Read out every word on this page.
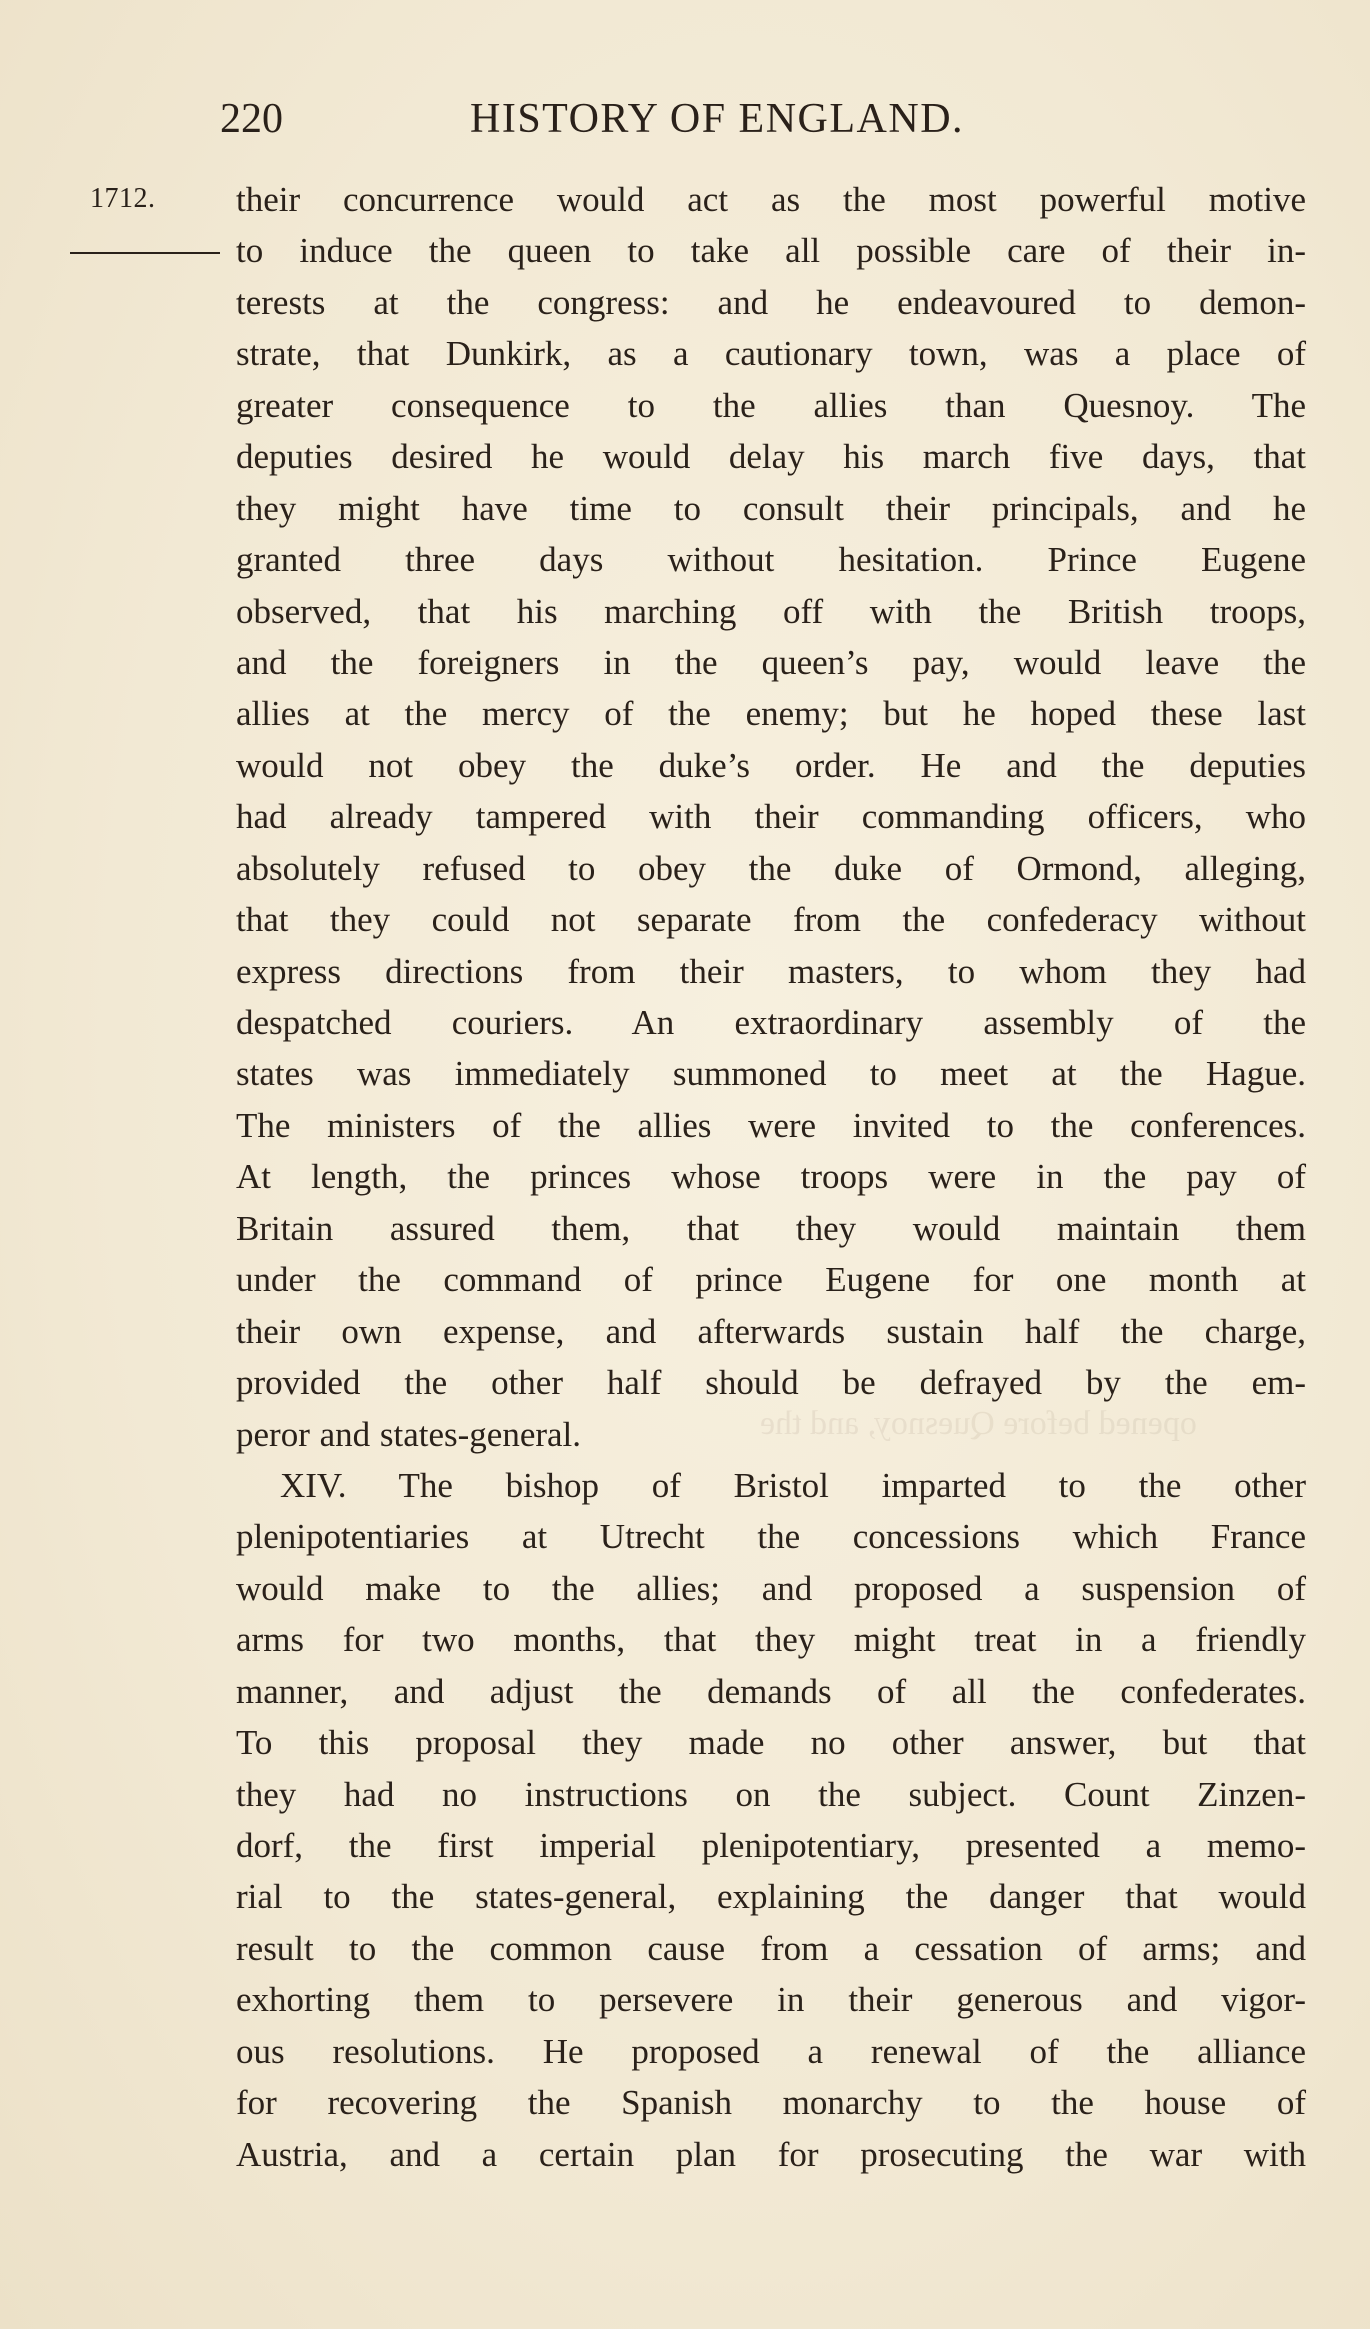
220	HISTORY OF ENGLAND.
1712.
opened before Quesnoy, and the
their concurrence would act as the most powerful motive
to induce the queen to take all possible care of their in-
terests at the congress: and he endeavoured to demon-
strate, that Dunkirk, as a cautionary town, was a place of
greater consequence to the allies than Quesnoy. The
deputies desired he would delay his march five days, that
they might have time to consult their principals, and he
granted three days without hesitation. Prince Eugene
observed, that his marching off with the British troops,
and the foreigners in the queen’s pay, would leave the
allies at the mercy of the enemy; but he hoped these last
would not obey the duke’s order. He and the deputies
had already tampered with their commanding officers, who
absolutely refused to obey the duke of Ormond, alleging,
that they could not separate from the confederacy without
express directions from their masters, to whom they had
despatched couriers. An extraordinary assembly of the
states was immediately summoned to meet at the Hague.
The ministers of the allies were invited to the conferences.
At length, the princes whose troops were in the pay of
Britain assured them, that they would maintain them
under the command of prince Eugene for one month at
their own expense, and afterwards sustain half the charge,
provided the other half should be defrayed by the em-
peror and states-general.
XIV. The bishop of Bristol imparted to the other
plenipotentiaries at Utrecht the concessions which France
would make to the allies; and proposed a suspension of
arms for two months, that they might treat in a friendly
manner, and adjust the demands of all the confederates.
To this proposal they made no other answer, but that
they had no instructions on the subject. Count Zinzen-
dorf, the first imperial plenipotentiary, presented a memo-
rial to the states-general, explaining the danger that would
result to the common cause from a cessation of arms; and
exhorting them to persevere in their generous and vigor-
ous resolutions. He proposed a renewal of the alliance
for recovering the Spanish monarchy to the house of
Austria, and a certain plan for prosecuting the war with
